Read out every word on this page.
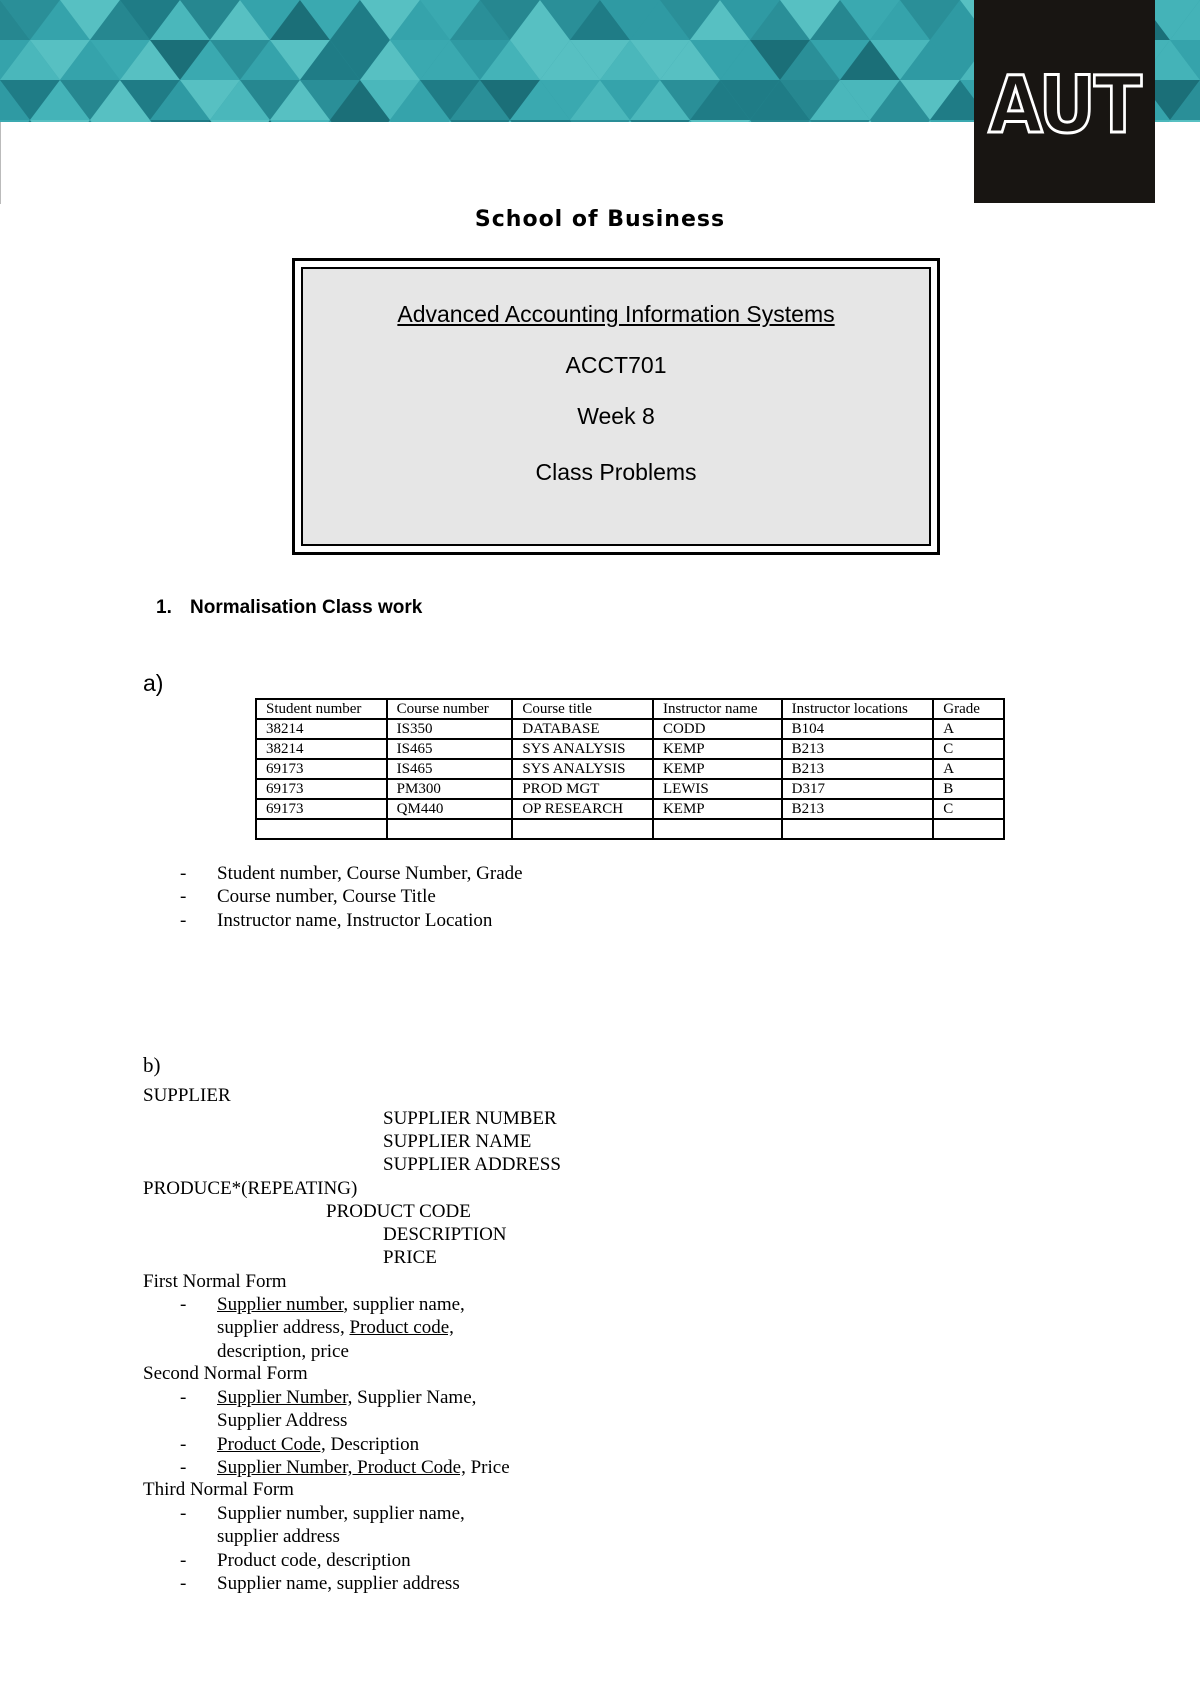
AUT
School of Business
Advanced Accounting Information Systems
ACCT701
Week 8
Class Problems
1. Normalisation Class work
a)
Student number	Course number	Course title	Instructor name	Instructor locations	Grade
38214	IS350	DATABASE	CODD	B104	A
38214	IS465	SYS ANALYSIS	KEMP	B213	C
69173	IS465	SYS ANALYSIS	KEMP	B213	A
69173	PM300	PROD MGT	LEWIS	D317	B
69173	QM440	OP RESEARCH	KEMP	B213	C

- Student number, Course Number, Grade
- Course number, Course Title
- Instructor name, Instructor Location
b)
SUPPLIER
SUPPLIER NUMBER
SUPPLIER NAME
SUPPLIER ADDRESS
PRODUCE*(REPEATING)
PRODUCT CODE
DESCRIPTION
PRICE
First Normal Form
- Supplier number, supplier name,
supplier address, Product code,
description, price
Second Normal Form
- Supplier Number, Supplier Name,
Supplier Address
- Product Code, Description
- Supplier Number, Product Code, Price
Third Normal Form
- Supplier number, supplier name,
supplier address
- Product code, description
- Supplier name, supplier address
